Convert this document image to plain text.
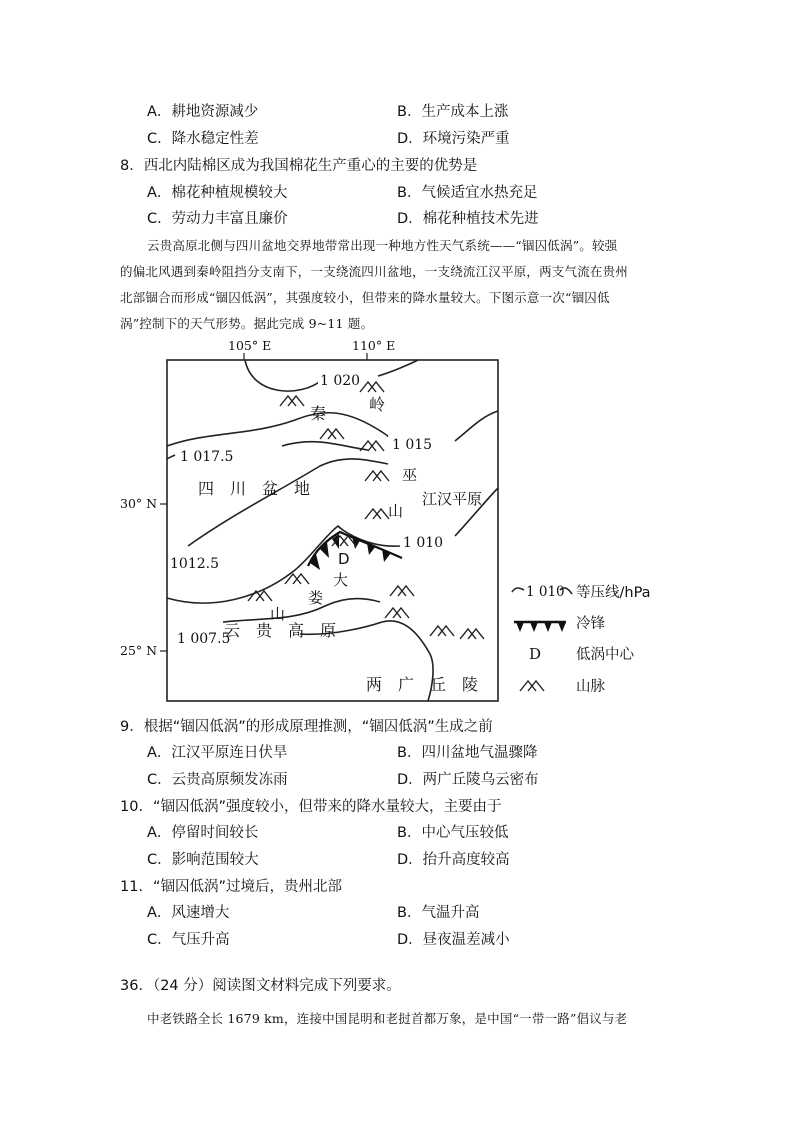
A．耕地资源减少	B．生产成本上涨
C．降水稳定性差	D．环境污染严重
8．西北内陆棉区成为我国棉花生产重心的主要的优势是
A．棉花种植规模较大	B．气候适宜水热充足
C．劳动力丰富且廉价	D．棉花种植技术先进
云贵高原北侧与四川盆地交界地带常出现一种地方性天气系统——“锢囚低涡”。较强
的偏北风遇到秦岭阻挡分支南下，一支绕流四川盆地，一支绕流江汉平原，两支气流在贵州
北部锢合而形成“锢囚低涡”，其强度较小，但带来的降水量较大。下图示意一次“锢囚低
涡”控制下的天气形势。据此完成 9~11 题。
105° E	110° E
30° N
25° N
1 020
1 017.5
1 015
1012.5
1 010
1 007.5
秦	岭
四　川　盆　地
巫
山
江汉平原
D
大
娄
山
云　贵　高　原
两　广　丘　陵
1 010 等压线/hPa
冷锋
D 低涡中心
山脉
9．根据“锢囚低涡”的形成原理推测，“锢囚低涡”生成之前
A．江汉平原连日伏旱	B．四川盆地气温骤降
C．云贵高原频发冻雨	D．两广丘陵乌云密布
10．“锢囚低涡”强度较小，但带来的降水量较大，主要由于
A．停留时间较长	B．中心气压较低
C．影响范围较大	D．抬升高度较高
11．“锢囚低涡”过境后，贵州北部
A．风速增大	B．气温升高
C．气压升高	D．昼夜温差减小
36．（24 分）阅读图文材料完成下列要求。
中老铁路全长 1679 km，连接中国昆明和老挝首都万象，是中国“一带一路”倡议与老
